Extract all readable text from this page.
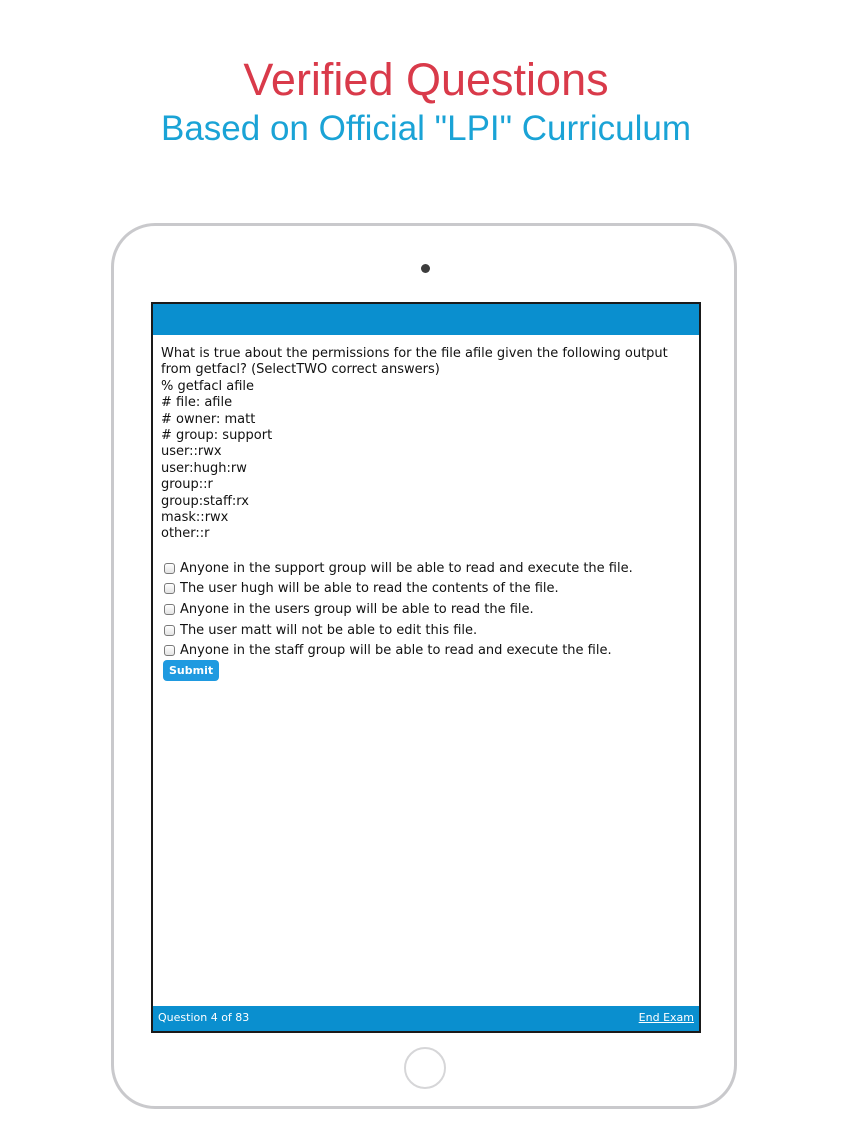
Verified Questions
Based on Official "LPI" Curriculum
What is true about the permissions for the file afile given the following output
from getfacl? (SelectTWO correct answers)
% getfacl afile
# file: afile
# owner: matt
# group: support
user::rwx
user:hugh:rw
group::r
group:staff:rx
mask::rwx
other::r
Anyone in the support group will be able to read and execute the file.
The user hugh will be able to read the contents of the file.
Anyone in the users group will be able to read the file.
The user matt will not be able to edit this file.
Anyone in the staff group will be able to read and execute the file.
Submit
Question 4 of 83	End Exam
